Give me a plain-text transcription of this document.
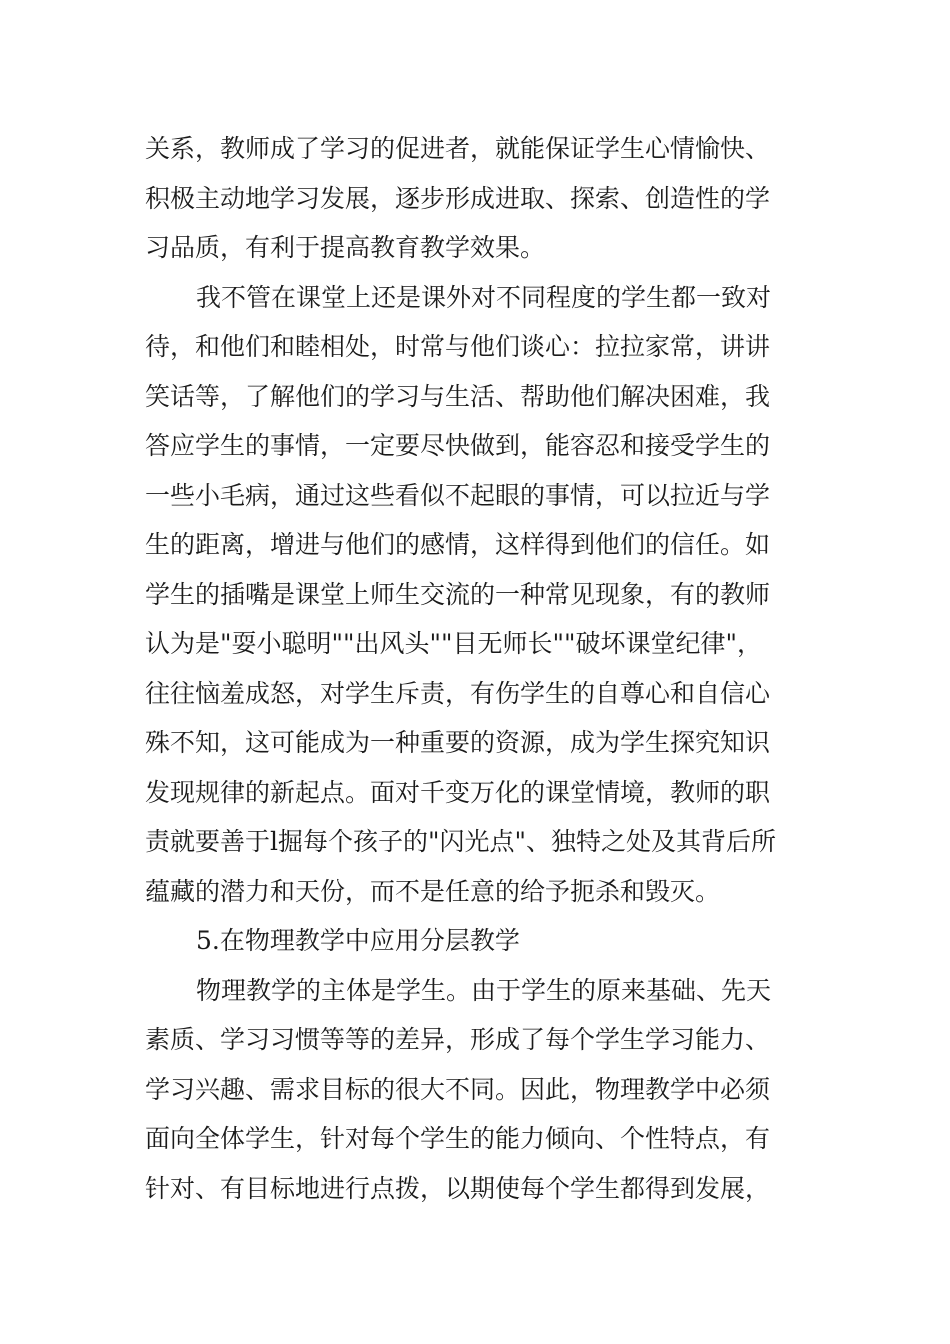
关系，教师成了学习的促进者，就能保证学生心情愉快、
积极主动地学习发展，逐步形成进取、探索、创造性的学
习品质，有利于提高教育教学效果。

我不管在课堂上还是课外对不同程度的学生都一致对
待，和他们和睦相处，时常与他们谈心：拉拉家常，讲讲
笑话等，了解他们的学习与生活、帮助他们解决困难，我
答应学生的事情，一定要尽快做到，能容忍和接受学生的
一些小毛病，通过这些看似不起眼的事情，可以拉近与学
生的距离，增进与他们的感情，这样得到他们的信任。如
学生的插嘴是课堂上师生交流的一种常见现象，有的教师
认为是"耍小聪明""出风头""目无师长""破坏课堂纪律"，
往往恼羞成怒，对学生斥责，有伤学生的自尊心和自信心
殊不知，这可能成为一种重要的资源，成为学生探究知识
发现规律的新起点。面对千变万化的课堂情境，教师的职
责就要善于l掘每个孩子的"闪光点"、独特之处及其背后所
蕴藏的潜力和天份，而不是任意的给予扼杀和毁灭。

5.在物理教学中应用分层教学

物理教学的主体是学生。由于学生的原来基础、先天
素质、学习习惯等等的差异，形成了每个学生学习能力、
学习兴趣、需求目标的很大不同。因此，物理教学中必须
面向全体学生，针对每个学生的能力倾向、个性特点，有
针对、有目标地进行点拨，以期使每个学生都得到发展，
